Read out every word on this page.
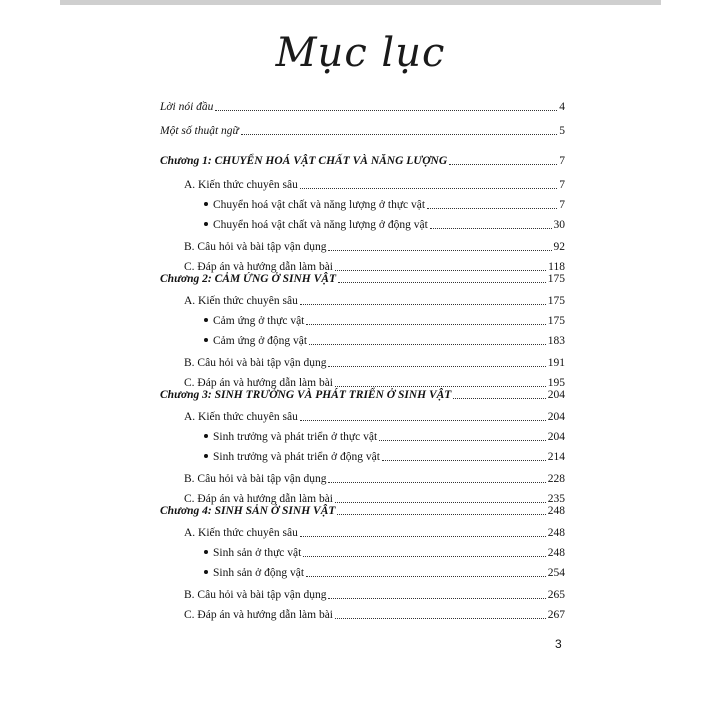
Mục lục
Lời nói đầu	4
Một số thuật ngữ	5
Chương 1: CHUYỂN HOÁ VẬT CHẤT VÀ NĂNG LƯỢNG	7
A. Kiến thức chuyên sâu	7
Chuyển hoá vật chất và năng lượng ở thực vật	7
Chuyển hoá vật chất và năng lượng ở động vật	30
B. Câu hỏi và bài tập vận dụng	92
C. Đáp án và hướng dẫn làm bài	118
Chương 2: CẢM ỨNG Ở SINH VẬT	175
A. Kiến thức chuyên sâu	175
Cảm ứng ở thực vật	175
Cảm ứng ở động vật	183
B. Câu hỏi và bài tập vận dụng	191
C. Đáp án và hướng dẫn làm bài	195
Chương 3: SINH TRƯỞNG VÀ PHÁT TRIỂN Ở SINH VẬT	204
A. Kiến thức chuyên sâu	204
Sinh trưởng và phát triển ở thực vật	204
Sinh trưởng và phát triển ở động vật	214
B. Câu hỏi và bài tập vận dụng	228
C. Đáp án và hướng dẫn làm bài	235
Chương 4: SINH SẢN Ở SINH VẬT	248
A. Kiến thức chuyên sâu	248
Sinh sản ở thực vật	248
Sinh sản ở động vật	254
B. Câu hỏi và bài tập vận dụng	265
C. Đáp án và hướng dẫn làm bài	267
3
